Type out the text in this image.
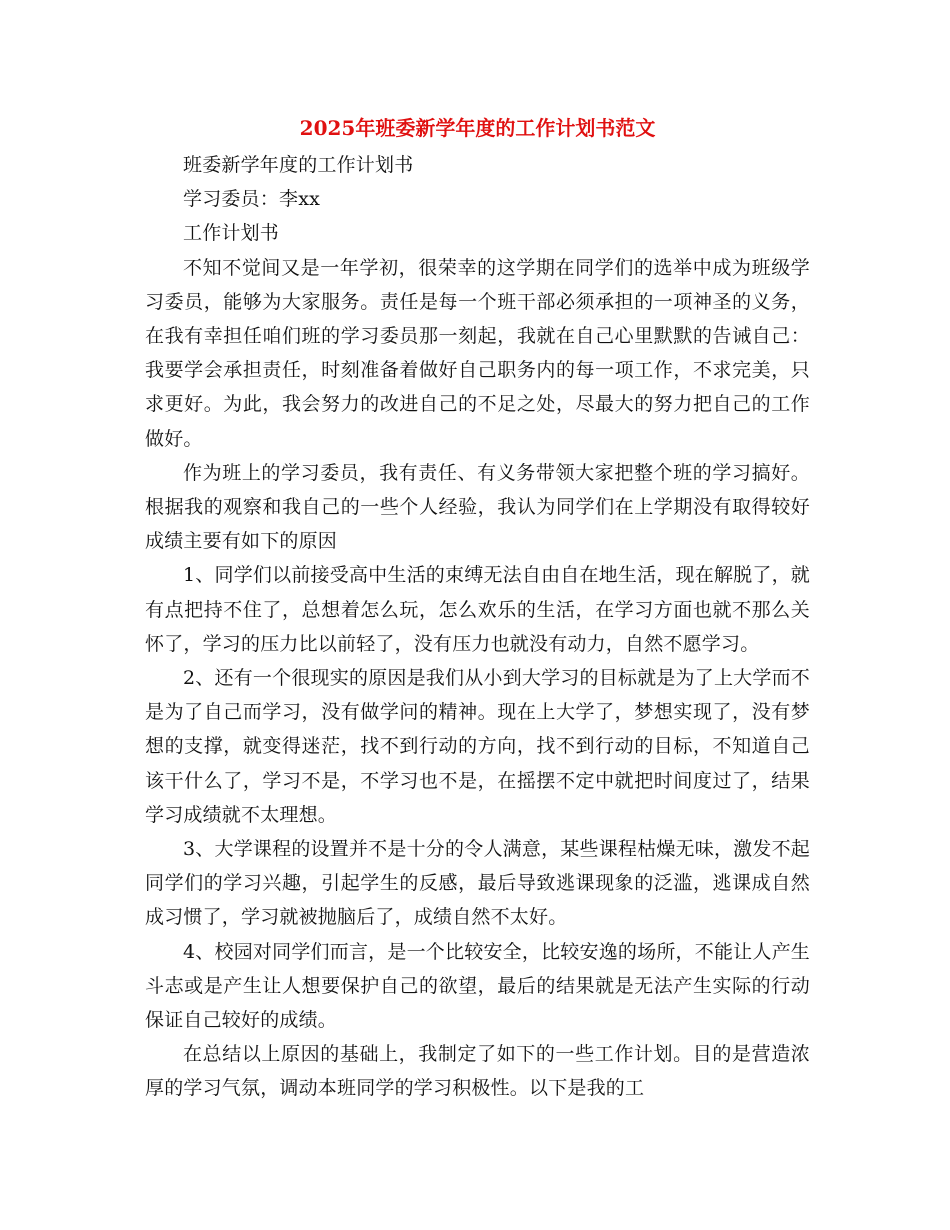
2025年班委新学年度的工作计划书范文

班委新学年度的工作计划书

学习委员：李xx

工作计划书

不知不觉间又是一年学初，很荣幸的这学期在同学们的选举中成为班级学习委员，能够为大家服务。责任是每一个班干部必须承担的一项神圣的义务，在我有幸担任咱们班的学习委员那一刻起，我就在自己心里默默的告诫自己：我要学会承担责任，时刻准备着做好自己职务内的每一项工作，不求完美，只求更好。为此，我会努力的改进自己的不足之处，尽最大的努力把自己的工作做好。

作为班上的学习委员，我有责任、有义务带领大家把整个班的学习搞好。根据我的观察和我自己的一些个人经验，我认为同学们在上学期没有取得较好成绩主要有如下的原因

1、同学们以前接受高中生活的束缚无法自由自在地生活，现在解脱了，就有点把持不住了，总想着怎么玩，怎么欢乐的生活，在学习方面也就不那么关怀了，学习的压力比以前轻了，没有压力也就没有动力，自然不愿学习。

2、还有一个很现实的原因是我们从小到大学习的目标就是为了上大学而不是为了自己而学习，没有做学问的精神。现在上大学了，梦想实现了，没有梦想的支撑，就变得迷茫，找不到行动的方向，找不到行动的目标，不知道自己该干什么了，学习不是，不学习也不是，在摇摆不定中就把时间度过了，结果学习成绩就不太理想。

3、大学课程的设置并不是十分的令人满意，某些课程枯燥无味，激发不起同学们的学习兴趣，引起学生的反感，最后导致逃课现象的泛滥，逃课成自然成习惯了，学习就被抛脑后了，成绩自然不太好。

4、校园对同学们而言，是一个比较安全，比较安逸的场所，不能让人产生斗志或是产生让人想要保护自己的欲望，最后的结果就是无法产生实际的行动保证自己较好的成绩。

在总结以上原因的基础上，我制定了如下的一些工作计划。目的是营造浓厚的学习气氛，调动本班同学的学习积极性。以下是我的工
